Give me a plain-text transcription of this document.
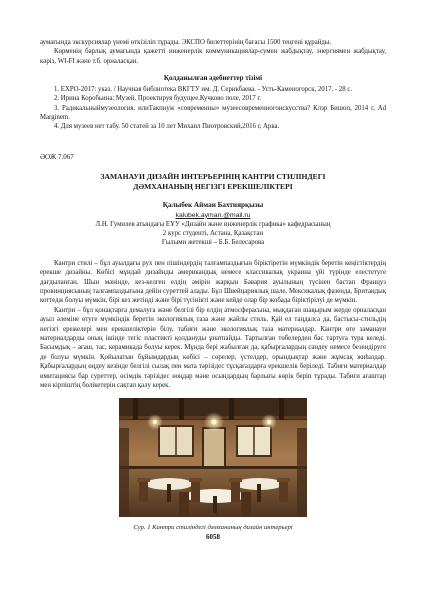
аумағында экскурсиялар үнемі өткізіліп тұрады. ЭКСПО билеттерінің бағасы 1500 теңгені құрайды.

Көрменің барлық аумағында қажетті инженерлік коммуникациялар-сумен жабдықтау, энергиямен жабдықтау, кәріз, WI-FI және т.б. орналасқан.

Қолданылған әдебиеттер тізімі

1. EXPO-2017: указ. / Научная библиотека ВКГТУ им. Д. Серикбаева. - Усть-Каменогорск, 2017. - 28 с.

2. Ирина Коробьина: Музей. Проектируя будущее.Кучково поле, 2017 г.

3. Радикальныймузеология, илиТакпнуж «современны» музеесовременногоискусства? Клэр Бишоп, 2014 г, Ad Marginem.

4. Для музеев нет табу. 50 статей за 10 лет Михаил Пиотровский,2016 г, Арка.

ӘОЖ 7.067

ЗАМАНАУИ ДИЗАЙН ИНТЕРЬЕРІНІҢ КАНТРИ СТИЛІНДЕГІ

ДӘМХАНАНЫҢ НЕГІЗГІ ЕРЕКШЕЛІКТЕРІ

Қалыбек Айман Бахтиярқызы

kalubek.ayman.@mail.ru

Л.Н. Гумилев атындағы ЕҰУ «Дизайн және инженерлік графика» кафедрасының

2 курс студенті, Астана, Қазақстан

Ғылыми жетекші – Б.Б. Белесарова

Кантри стилі – бұл ауылдағы рух пен пішіндердің талғампаздығын біріктіретін мүмкіндік беретін кеңістіктердің ерекше дизайны. Көбісі мұндай дизайнды американдық немесе классикалық украина үйі түрінде елестетуге дағдыланған. Шын мәнінде, кез-келген елдің әмірін жарқын Бавария ауылының түсінен бастап Француз провинциясының талғампаздығына дейін суреттей алады. Бұл Швейцариялық шале, Мексикалық фазенда, Британдық коттедж болуы мүмкін, бірі кез жетінді және бірі түсінікті және кейде олар бір жобада біріктірілуі де мүмкін.

Кантри – бұл қонақтарға демалуға және белгілі бір елдің атмосферасына, мықдаған шақырым жерде орналасқан ауыл әлеміне өтуге мүмкіндік беретін экологиялық таза және жайлы стиль. Қай ел таңдалса да, бастысы-стильдің негізгі ережелері мен ерекшеліктерін білу, табиғи және экологиялық таза материалдар. Кантри өте заманауи материалдарды оның ішінде тегіс пластикті қолдануды ұнатпайды. Тартылған төбелерден бас тартуға тура келеді. Басымдық – ағаш, тас, керамикада болуы керек. Мұнда бері жабылған да, қабырғалардың сәндеу немесе безендіруге де болуы мүмкін. Қойылатын бұйымдардың көбісі – сөрелер, үстелдер, орындықтар және жұмсақ жиһаздар. Қабырғалардың өңдеу кезінде белгілі сылақ пен мата тәрізідес тұсқағаздарға ерекшелік беріледі. Табиғи материалдар имитациясы бар суреттер, өсімдік тәрізідес өоңдар мәне осындардың барлығы көрік беріп тұрады. Табиғи ағаштар мен кірпіштің болікетерін сақтап қалу керек.

Сур. 1 Кантри стиліндегі дәмхананың дизайн интерьері

6058
